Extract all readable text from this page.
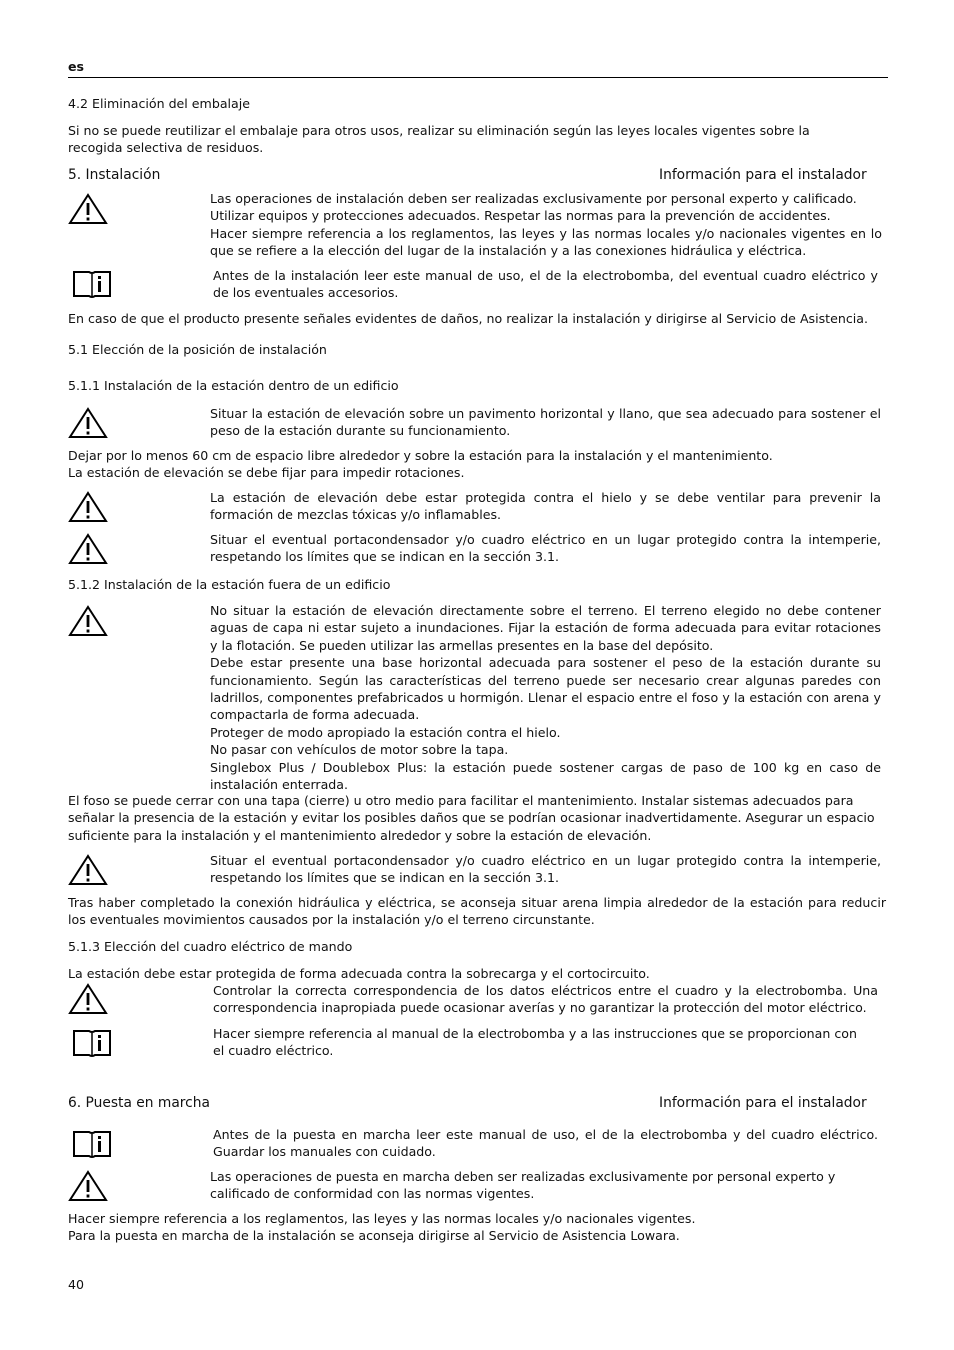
es
4.2 Eliminación del embalaje

Si no se puede reutilizar el embalaje para otros usos, realizar su eliminación según las leyes locales vigentes sobre la recogida selectiva de residuos.

5. Instalación	Información para el instalador

Las operaciones de instalación deben ser realizadas exclusivamente por personal experto y calificado.

Utilizar equipos y protecciones adecuados. Respetar las normas para la prevención de accidentes.

Hacer siempre referencia a los reglamentos, las leyes y las normas locales y/o nacionales vigentes en lo que se refiere a la elección del lugar de la instalación y a las conexiones hidráulica y eléctrica.

Antes de la instalación leer este manual de uso, el de la electrobomba, del eventual cuadro eléctrico y de los eventuales accesorios.

En caso de que el producto presente señales evidentes de daños, no realizar la instalación y dirigirse al Servicio de Asistencia.

5.1 Elección de la posición de instalación
5.1.1 Instalación de la estación dentro de un edificio

Situar la estación de elevación sobre un pavimento horizontal y llano, que sea adecuado para sostener el peso de la estación durante su funcionamiento.

Dejar por lo menos 60 cm de espacio libre alrededor y sobre la estación para la instalación y el mantenimiento.

La estación de elevación se debe fijar para impedir rotaciones.

La estación de elevación debe estar protegida contra el hielo y se debe ventilar para prevenir la formación de mezclas tóxicas y/o inflamables.

Situar el eventual portacondensador y/o cuadro eléctrico en un lugar protegido contra la intemperie, respetando los límites que se indican en la sección 3.1.

5.1.2 Instalación de la estación fuera de un edificio

No situar la estación de elevación directamente sobre el terreno. El terreno elegido no debe contener aguas de capa ni estar sujeto a inundaciones. Fijar la estación de forma adecuada para evitar rotaciones y la flotación. Se pueden utilizar las armellas presentes en la base del depósito.

Debe estar presente una base horizontal adecuada para sostener el peso de la estación durante su funcionamiento. Según las características del terreno puede ser necesario crear algunas paredes con ladrillos, componentes prefabricados u hormigón. Llenar el espacio entre el foso y la estación con arena y compactarla de forma adecuada.

Proteger de modo apropiado la estación contra el hielo.

No pasar con vehículos de motor sobre la tapa.

Singlebox Plus / Doublebox Plus: la estación puede sostener cargas de paso de 100 kg en caso de instalación enterrada.

El foso se puede cerrar con una tapa (cierre) u otro medio para facilitar el mantenimiento. Instalar sistemas adecuados para señalar la presencia de la estación y evitar los posibles daños que se podrían ocasionar inadvertidamente. Asegurar un espacio suficiente para la instalación y el mantenimiento alrededor y sobre la estación de elevación.

Situar el eventual portacondensador y/o cuadro eléctrico en un lugar protegido contra la intemperie, respetando los límites que se indican en la sección 3.1.

Tras haber completado la conexión hidráulica y eléctrica, se aconseja situar arena limpia alrededor de la estación para reducir los eventuales movimientos causados por la instalación y/o el terreno circunstante.

5.1.3 Elección del cuadro eléctrico de mando

La estación debe estar protegida de forma adecuada contra la sobrecarga y el cortocircuito.

Controlar la correcta correspondencia de los datos eléctricos entre el cuadro y la electrobomba. Una correspondencia inapropiada puede ocasionar averías y no garantizar la protección del motor eléctrico.

Hacer siempre referencia al manual de la electrobomba y a las instrucciones que se proporcionan con el cuadro eléctrico.

6. Puesta en marcha	Información para el instalador

Antes de la puesta en marcha leer este manual de uso, el de la electrobomba y del cuadro eléctrico. Guardar los manuales con cuidado.

Las operaciones de puesta en marcha deben ser realizadas exclusivamente por personal experto y calificado de conformidad con las normas vigentes.

Hacer siempre referencia a los reglamentos, las leyes y las normas locales y/o nacionales vigentes.

Para la puesta en marcha de la instalación se aconseja dirigirse al Servicio de Asistencia Lowara.

40
